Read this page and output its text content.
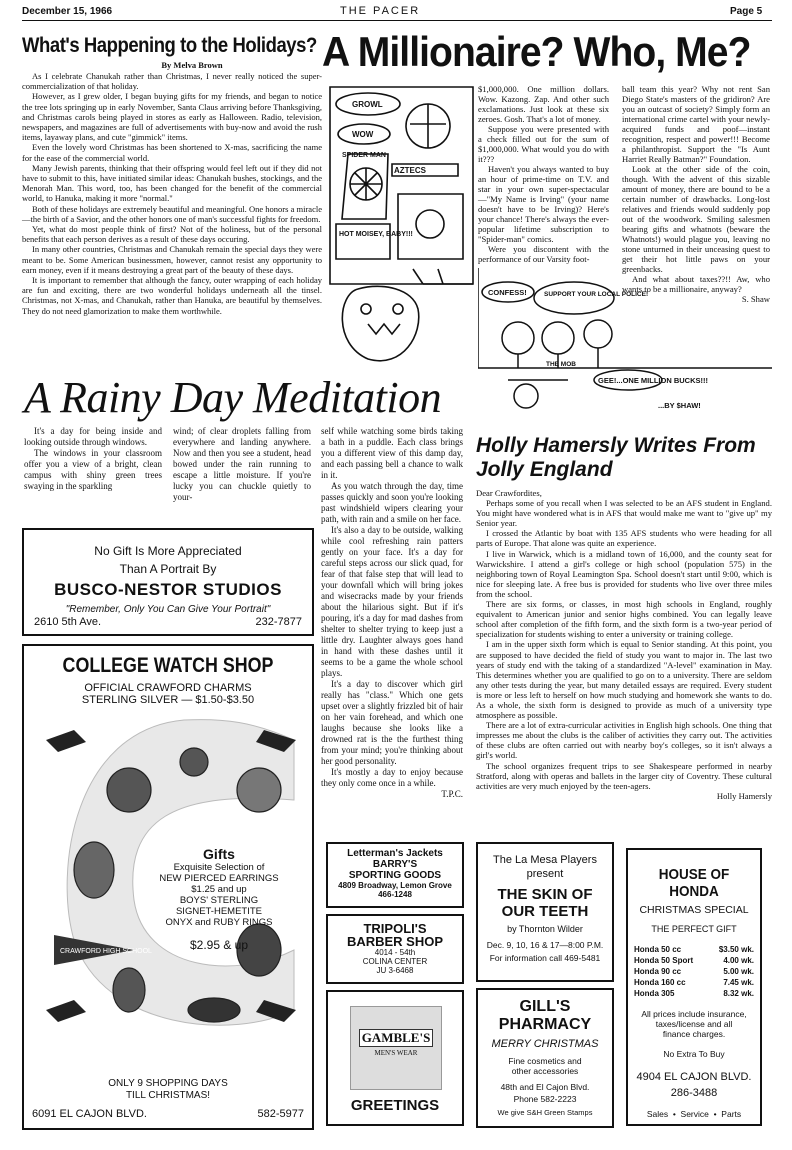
December 15, 1966	THE PACER	Page 5
What's Happening to the Holidays?
By Melva Brown

As I celebrate Chanukah rather than Christmas, I never really noticed the super-commercialization of that holiday.

However, as I grew older, I began buying gifts for my friends, and began to notice the tree lots springing up in early November, Santa Claus arriving before Thanksgiving, and Christmas carols being played in stores as early as Halloween. Radio, television, newspapers, and magazines are full of advertisements with buy-now and avoid the rush items, layaway plans, and cute "gimmick" items.

Even the lovely word Christmas has been shortened to X-mas, sacrificing the name for the ease of the commercial world.

Many Jewish parents, thinking that their offspring would feel left out if they did not have to submit to this, have initiated similar ideas: Chanukah bushes, stockings, and the Menorah Man. This word, too, has been changed for the benefit of the commercial world, to Hanuka, making it more "normal."

Both of these holidays are extremely beautiful and meaningful. One honors a miracle—the birth of a Savior, and the other honors one of man's successful fights for freedom.

Yet, what do most people think of first? Not of the holiness, but of the personal benefits that each person derives as a result of these days occuring.

In many other countries, Christmas and Chanukah remain the special days they were meant to be. Some American businessmen, however, cannot resist any opportunity to earn money, even if it means destroying a great part of the beauty of these days.

It is important to remember that although the fancy, outer wrapping of each holiday are fun and exciting, there are two wonderful holidays underneath all the tinsel. Christmas, not X-mas, and Chanukah, rather than Hanuka, are beautiful by themselves. They do not need glamorization to make them worthwhile.

A Millionaire? Who, Me?
GROWL
WOW
AZTECS
HOT MOISEY, BABY!!!
SPIDER MAN

$1,000,000. One million dollars. Wow. Kazong. Zap. And other such exclamations. Just look at these six zeroes. Gosh. That's a lot of money.

Suppose you were presented with a check filled out for the sum of $1,000,000. What would you do with it???

Haven't you always wanted to buy an hour of prime-time on T.V. and star in your own super-spectacular—"My Name is Irving" (your name doesn't have to be Irving)? Here's your chance! There's always the ever-popular lifetime subscription to "Spider-man" comics.

Were you discontent with the performance of our Varsity foot-

ball team this year? Why not rent San Diego State's masters of the gridiron? Are you an outcast of society? Simply form an international crime cartel with your newly-acquired funds and poof—instant recognition, respect and power!!! Become a philanthropist. Support the "Is Aunt Harriet Really Batman?" Foundation.

Look at the other side of the coin, though. With the advent of this sizable amount of money, there are bound to be a certain number of drawbacks. Long-lost relatives and friends would suddenly pop out of the woodwork. Smiling salesmen bearing gifts and whatnots (beware the Whatnots!) would plague you, leaving no stone unturned in their unceasing quest to get their hot little paws on your greenbacks.

And what about taxes??!! Aw, who wants to be a millionaire, anyway?

S. Shaw
CONFESS!	SUPPORT YOUR LOCAL POLICE!
THE MOB
GEE!...ONE MILLION BUCKS!!!
...BY $HAW!
A Rainy Day Meditation

It's a day for being inside and looking outside through windows.

The windows in your classroom offer you a view of a bright, clean campus with shiny green trees swaying in the sparkling

wind; of clear droplets falling from everywhere and landing anywhere. Now and then you see a student, head bowed under the rain running to escape a little moisture. If you're lucky you can chuckle quietly to your-

self while watching some birds taking a bath in a puddle. Each class brings you a different view of this damp day, and each passing bell a chance to walk in it.

As you watch through the day, time passes quickly and soon you're looking past windshield wipers clearing your path, with rain and a smile on her face.

It's also a day to be outside, walking while cool refreshing rain patters gently on your face. It's a day for careful steps across our slick quad, for fear of that false step that will lead to your downfall which will bring jokes and wisecracks made by your friends about the hilarious sight. But if it's pouring, it's a day for mad dashes from shelter to shelter trying to keep just a little dry. Laughter always goes hand in hand with these dashes until it seems to be a game the whole school plays.

It's a day to discover which girl really has "class." Which one gets upset over a slightly frizzled bit of hair on her vain forehead, and which one laughs because she looks like a drowned rat is the the furthest thing from your mind; you're thinking about her good personality.

It's mostly a day to enjoy because they only come once in a while.

T.P.C.
Holly Hamersly Writes From Jolly England
Dear Crawfordites,

Perhaps some of you recall when I was selected to be an AFS student in England. You might have wondered what is in AFS that would make me want to "give up" my Senior year.

I crossed the Atlantic by boat with 135 AFS students who were heading for all parts of Europe. That alone was quite an experience.

I live in Warwick, which is a midland town of 16,000, and the county seat for Warwickshire. I attend a girl's college or high school (population 575) in the neighboring town of Royal Leamington Spa. School doesn't start until 9:00, which is nice for sleeping late. A free bus is provided for students who live over three miles from the school.

There are six forms, or classes, in most high schools in England, roughly equivalent to American junior and senior highs combined. You can legally leave school after completion of the fifth form, and the sixth form is a two-year period of specialization for students wishing to enter a university or training college.

I am in the upper sixth form which is equal to Senior standing. At this point, you are supposed to have decided the field of study you want to major in. The last two years of study end with the taking of a standardized "A-level" examination in May. This determines whether you are qualified to go on to a university. There are seldom any other tests during the year, but many detailed essays are required. Every student is more or less left to herself on how much studying and homework she wants to do. As a whole, the sixth form is designed to provide as much of a university type atmosphere as possible.

There are a lot of extra-curricular activities in English high schools. One thing that impresses me about the clubs is the caliber of activities they carry out. The activities of these clubs are often carried out with nearby boy's colleges, so it isn't always a girl's world.

The school organizes frequent trips to see Shakespeare performed in nearby Stratford, along with operas and ballets in the larger city of Coventry. These cultural activities are very much enjoyed by the teen-agers.

Holly Hamersly
No Gift Is More Appreciated
Than A Portrait By
BUSCO-NESTOR STUDIOS
"Remember, Only You Can Give Your Portrait"
2610 5th Ave.	232-7877
COLLEGE WATCH SHOP
OFFICIAL CRAWFORD CHARMS
STERLING SILVER — $1.50-$3.50
CRAWFORD HIGH SCHOOL
Gifts
Exquisite Selection of
NEW PIERCED EARRINGS
$1.25 and up
BOYS' STERLING
SIGNET-HEMETITE
ONYX and RUBY RINGS
$2.95 & up
ONLY 9 SHOPPING DAYS
TILL CHRISTMAS!
6091 EL CAJON BLVD.	582-5977
Letterman's Jackets
BARRY'S
SPORTING GOODS
4809 Broadway, Lemon Grove
466-1248
TRIPOLI'S
BARBER SHOP
4014 - 54th
COLINA CENTER
JU 3-6468
GAMBLE'S
MEN'S WEAR
GREETINGS
The La Mesa Players
present
THE SKIN OF
OUR TEETH
by Thornton Wilder
Dec. 9, 10, 16 & 17—8:00 P.M.
For information call 469-5481
GILL'S
PHARMACY
MERRY CHRISTMAS
Fine cosmetics and
other accessories
48th and El Cajon Blvd.
Phone 582-2223
We give S&H Green Stamps
HOUSE OF HONDA
CHRISTMAS SPECIAL
THE PERFECT GIFT
Honda 50 cc	$3.50 wk.
Honda 50 Sport	4.00 wk.
Honda 90 cc	5.00 wk.
Honda 160 cc	7.45 wk.
Honda 305	8.32 wk.
All prices include insurance,
taxes/license and all
finance charges.
No Extra To Buy
4904 EL CAJON BLVD.
286-3488
Sales  •  Service  •  Parts
